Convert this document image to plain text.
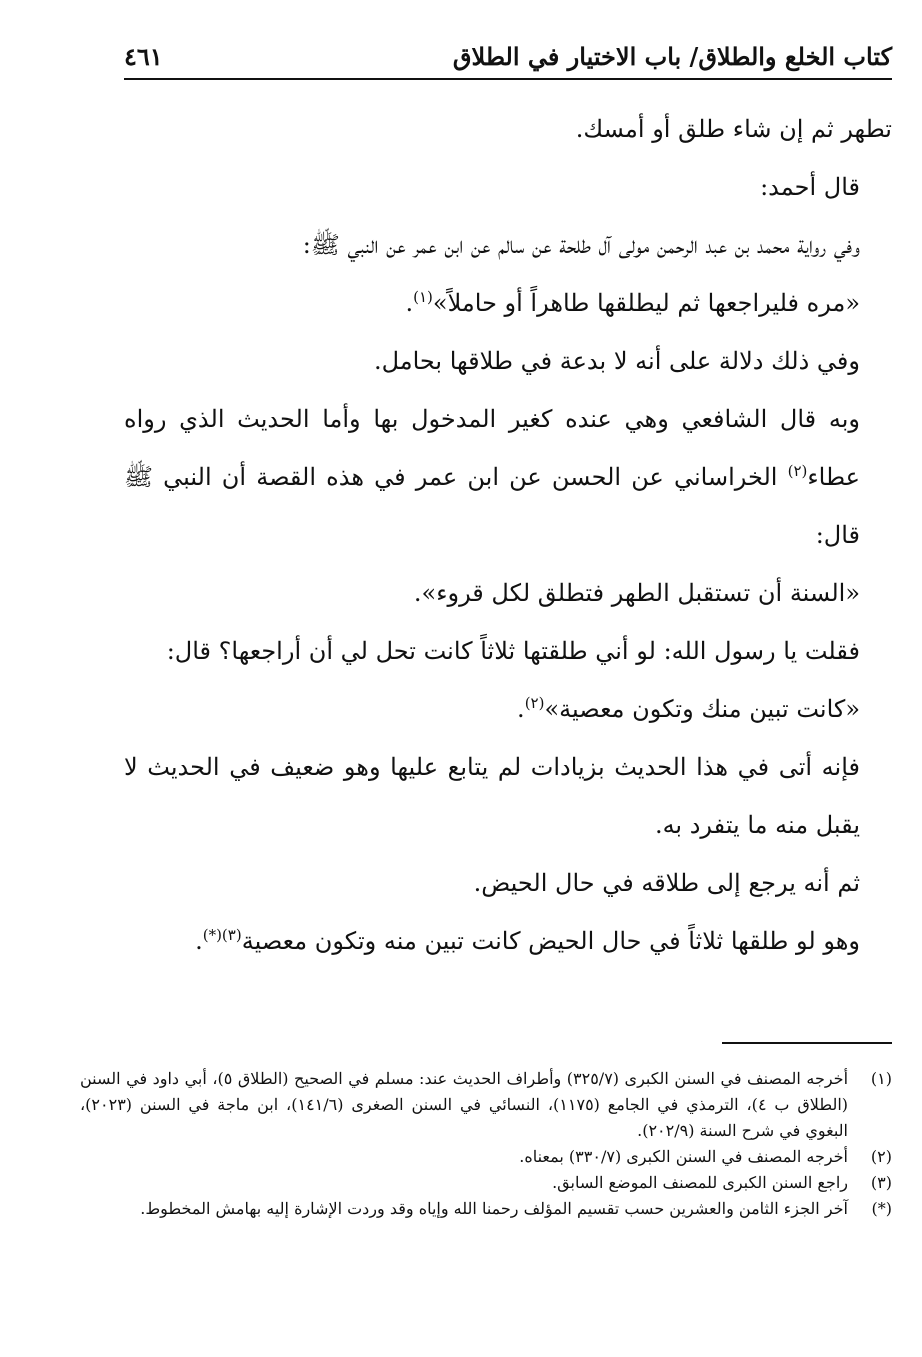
كتاب الخلع والطلاق/ باب الاختيار في الطلاق
٤٦١

تطهر ثم إن شاء طلق أو أمسك.

قال أحمد:

وفي رواية محمد بن عبد الرحمن مولى آل طلحة عن سالم عن ابن عمر عن النبي ﷺ:

«مره فليراجعها ثم ليطلقها طاهراً أو حاملاً»$^{(١)}$.

وفي ذلك دلالة على أنه لا بدعة في طلاقها بحامل.

وبه قال الشافعي وهي عنده كغير المدخول بها وأما الحديث الذي رواه عطاء$^{(٢)}$ الخراساني عن الحسن عن ابن عمر في هذه القصة أن النبي ﷺ قال:

«السنة أن تستقبل الطهر فتطلق لكل قروء».

فقلت يا رسول الله: لو أني طلقتها ثلاثاً كانت تحل لي أن أراجعها؟ قال:

«كانت تبين منك وتكون معصية»$^{(٢)}$.

فإنه أتى في هذا الحديث بزيادات لم يتابع عليها وهو ضعيف في الحديث لا يقبل منه ما يتفرد به.

ثم أنه يرجع إلى طلاقه في حال الحيض.

وهو لو طلقها ثلاثاً في حال الحيض كانت تبين منه وتكون معصية$^{(٣)(*)}$.

(١)
أخرجه المصنف في السنن الكبرى (٣٢٥/٧) وأطراف الحديث عند: مسلم في الصحيح (الطلاق ٥)، أبي داود في السنن (الطلاق ب ٤)، الترمذي في الجامع (١١٧٥)، النسائي في السنن الصغرى (١٤١/٦)، ابن ماجة في السنن (٢٠٢٣)، البغوي في شرح السنة (٢٠٢/٩).

(٢)
أخرجه المصنف في السنن الكبرى (٣٣٠/٧) بمعناه.

(٣)
راجع السنن الكبرى للمصنف الموضع السابق.

(*)
آخر الجزء الثامن والعشرين حسب تقسيم المؤلف رحمنا الله وإياه وقد وردت الإشارة إليه بهامش المخطوط.
